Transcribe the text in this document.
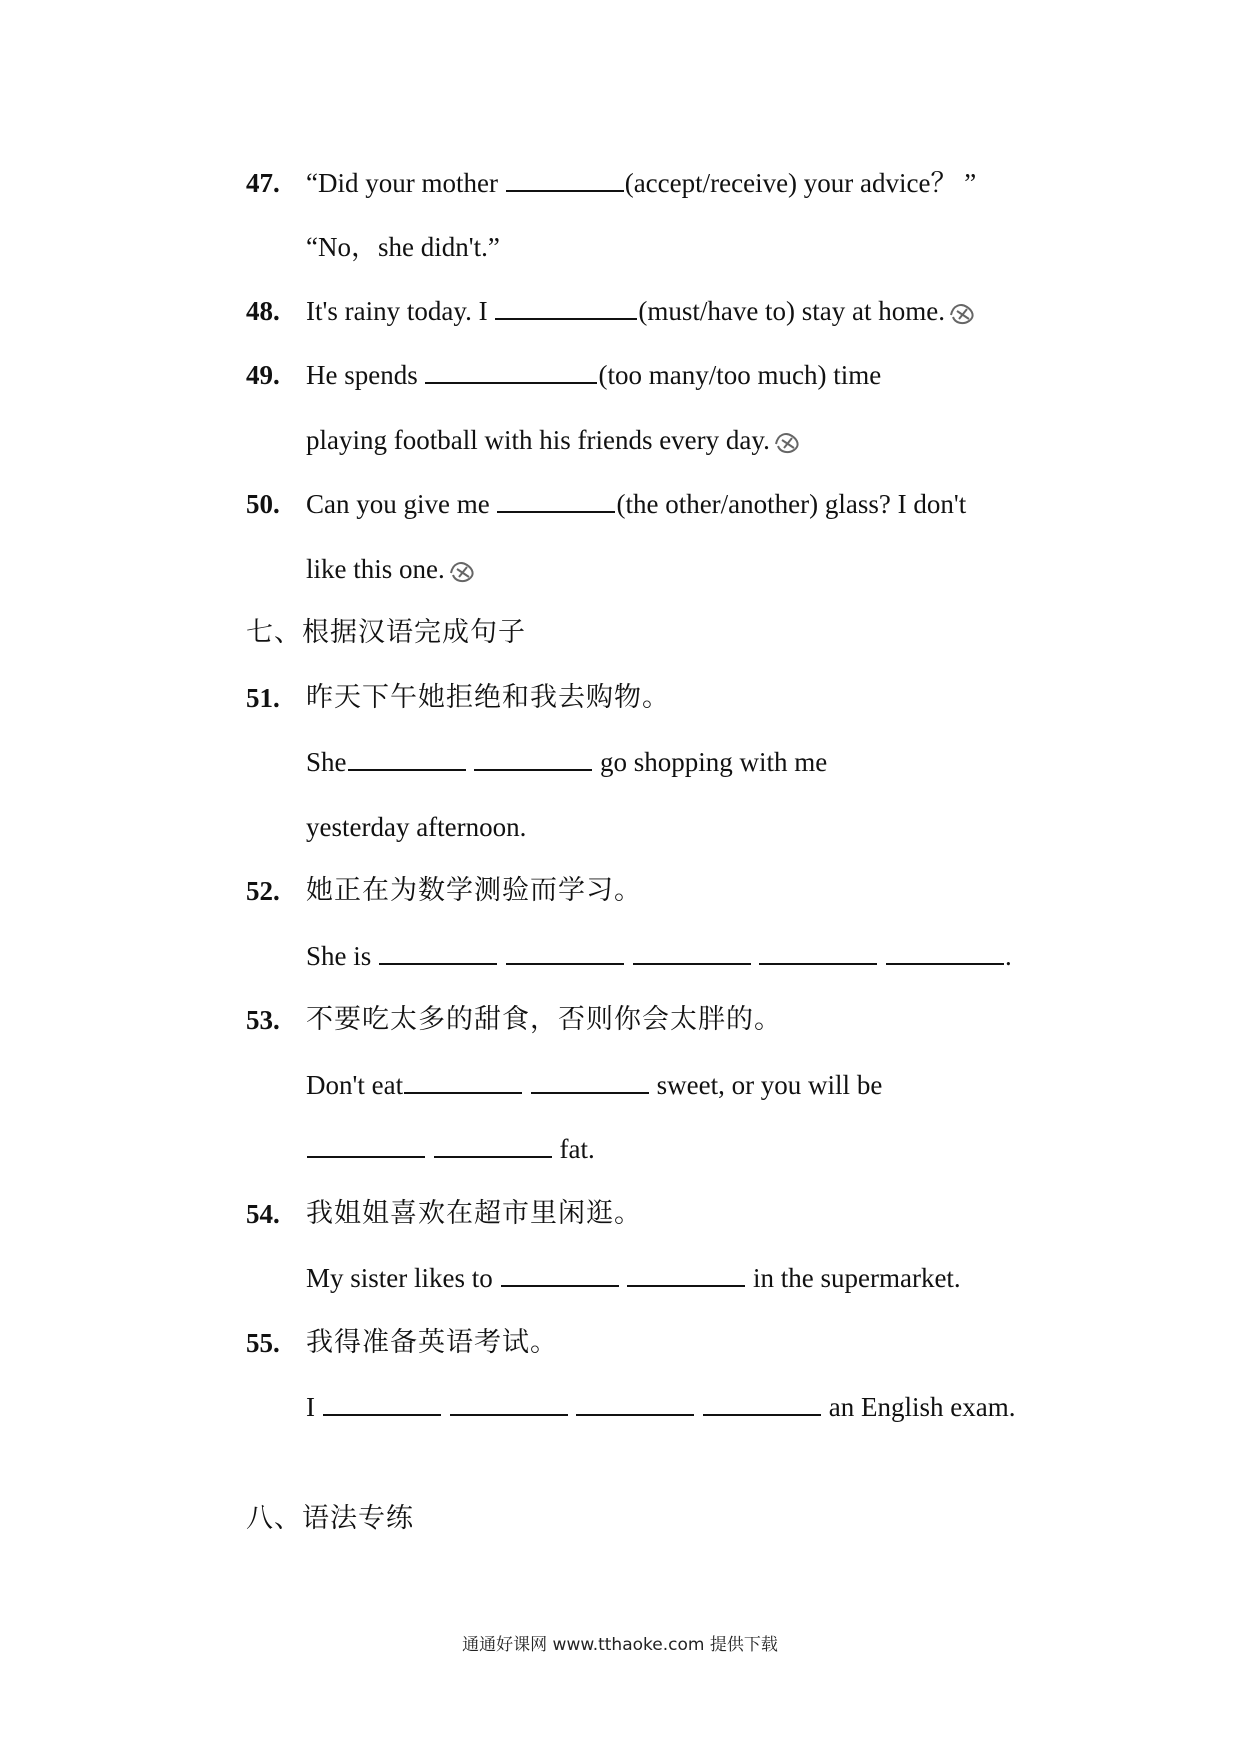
47. “Did your mother	(accept/receive) your advice？ ”
“No，she didn't.”
48. It's rainy today. I	(must/have to) stay at home.
49. He spends	(too many/too much) time
playing football with his friends every day.
50. Can you give me	(the other/another) glass? I don't
like this one.
七、根据汉语完成句子
51. 昨天下午她拒绝和我去购物。
She	go shopping with me
yesterday afternoon.
52. 她正在为数学测验而学习。
She is	.
53. 不要吃太多的甜食，否则你会太胖的。
Don't eat	sweet, or you will be
fat.
54. 我姐姐喜欢在超市里闲逛。
My sister likes to	in the supermarket.
55. 我得准备英语考试。
I	an English exam.
八、语法专练
通通好课网 www.tthaoke.com 提供下载
